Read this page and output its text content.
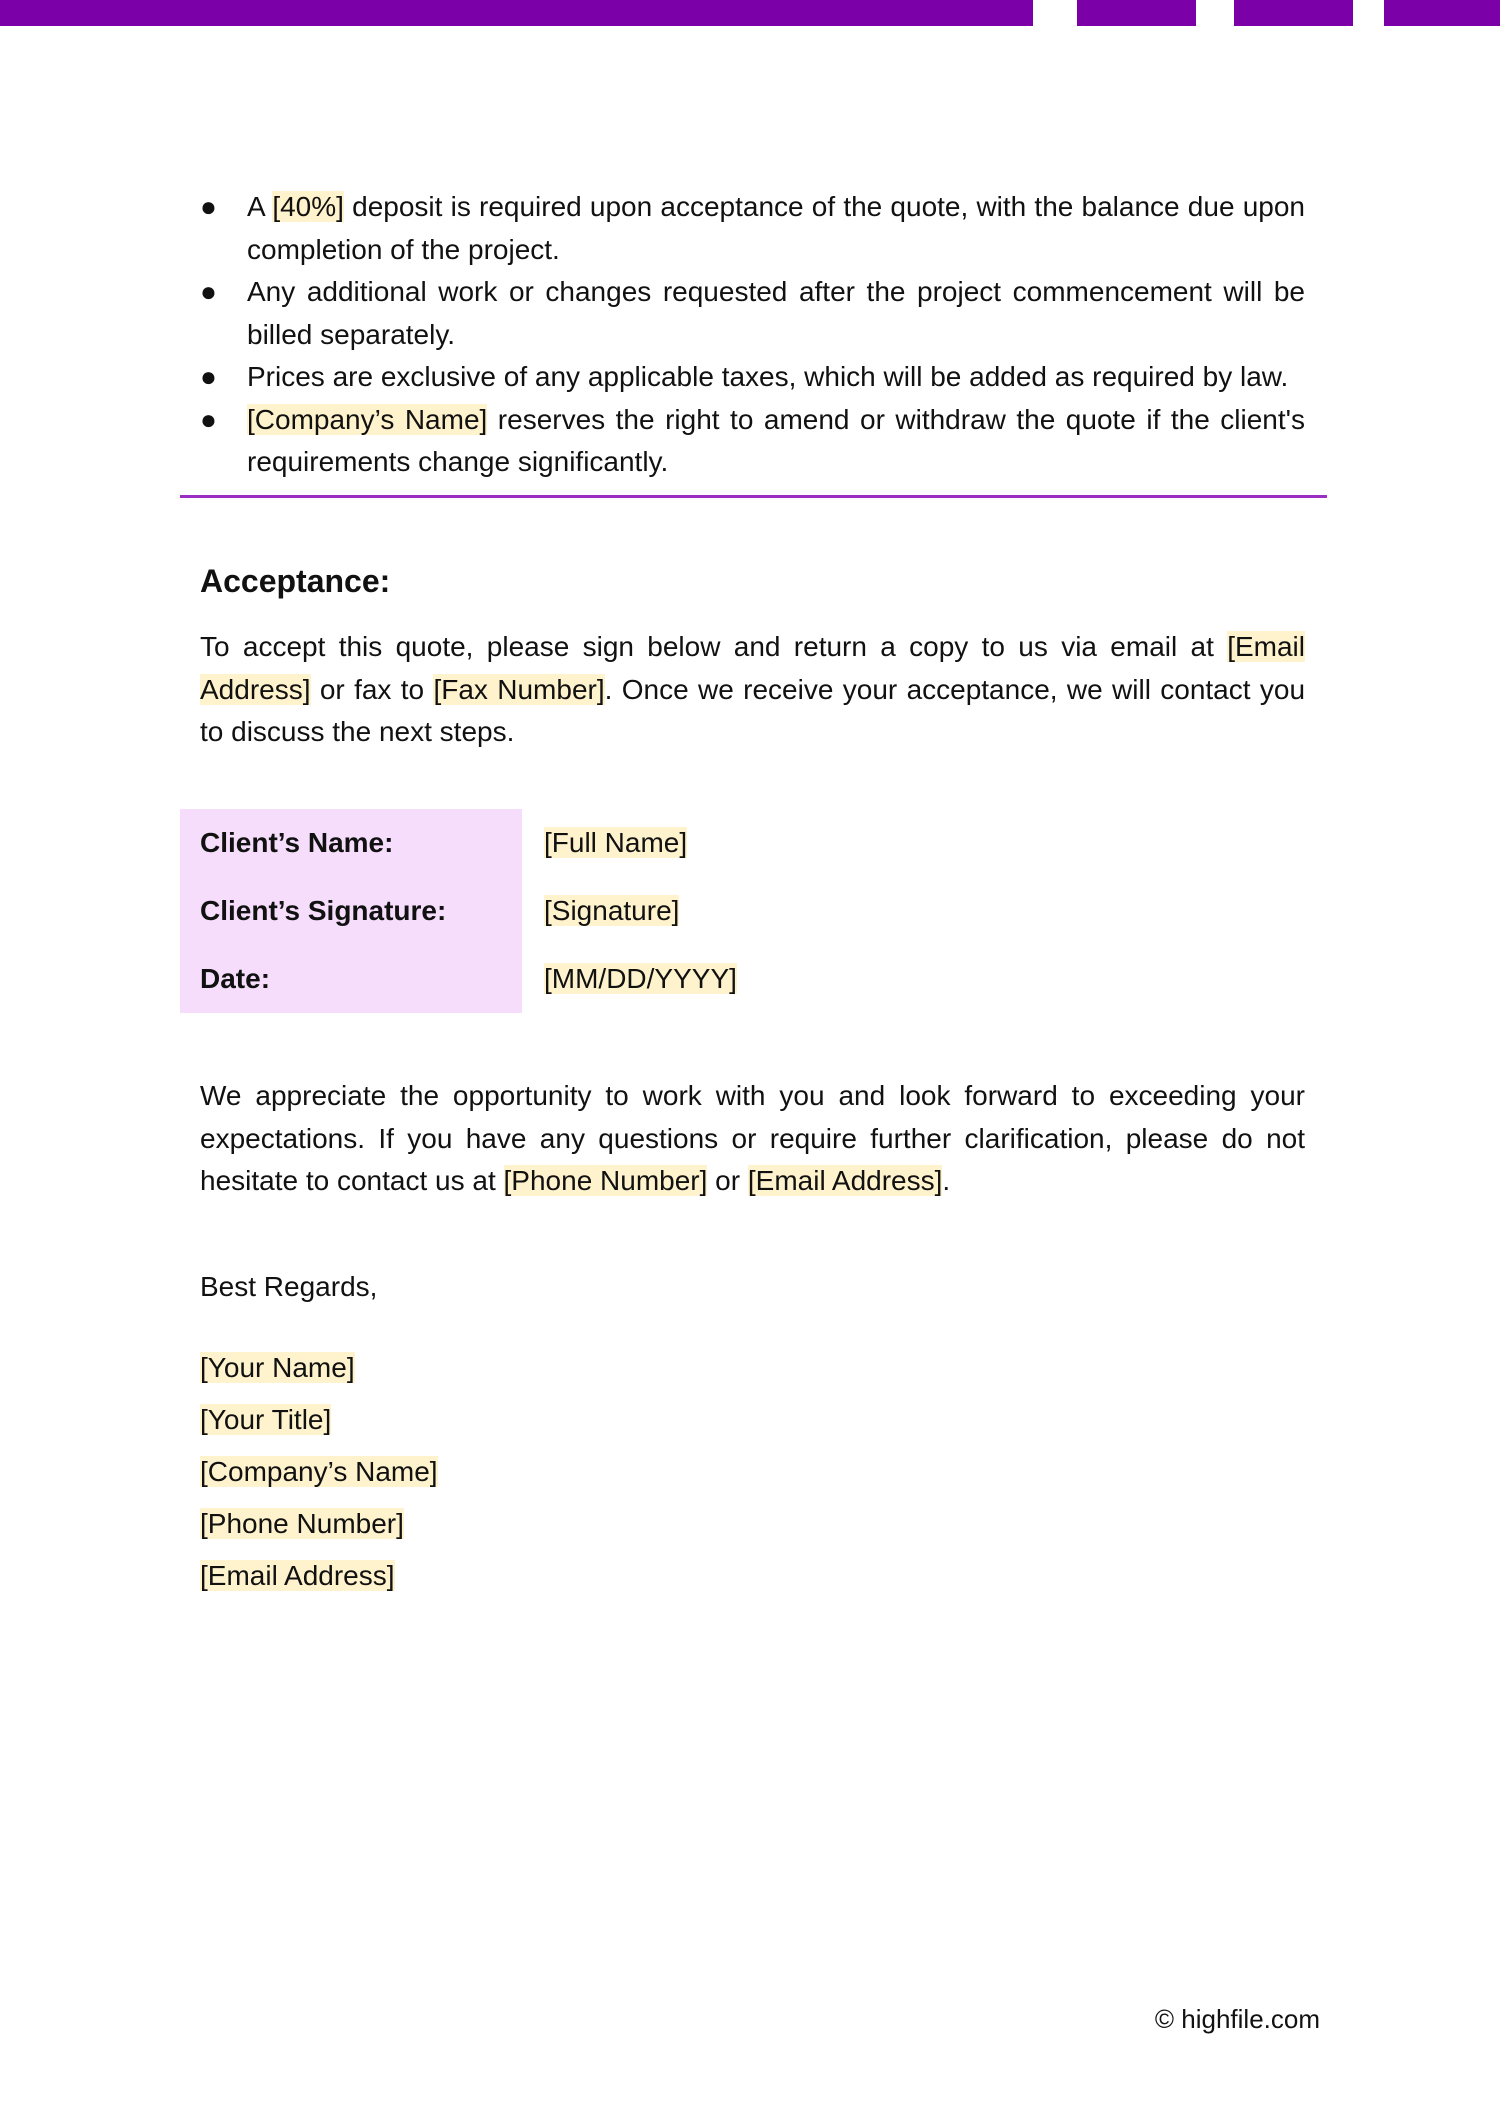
● A [40%] deposit is required upon acceptance of the quote, with the balance due upon completion of the project.
● Any additional work or changes requested after the project commencement will be billed separately.
● Prices are exclusive of any applicable taxes, which will be added as required by law.
● [Company’s Name] reserves the right to amend or withdraw the quote if the client's requirements change significantly.
Acceptance:
To accept this quote, please sign below and return a copy to us via email at [Email Address] or fax to [Fax Number]. Once we receive your acceptance, we will contact you to discuss the next steps.
Client’s Name:	[Full Name]
Client’s Signature:	[Signature]
Date:	[MM/DD/YYYY]
We appreciate the opportunity to work with you and look forward to exceeding your expectations. If you have any questions or require further clarification, please do not hesitate to contact us at [Phone Number] or [Email Address].
Best Regards,
[Your Name]
[Your Title]
[Company’s Name]
[Phone Number]
[Email Address]
© highfile.com
